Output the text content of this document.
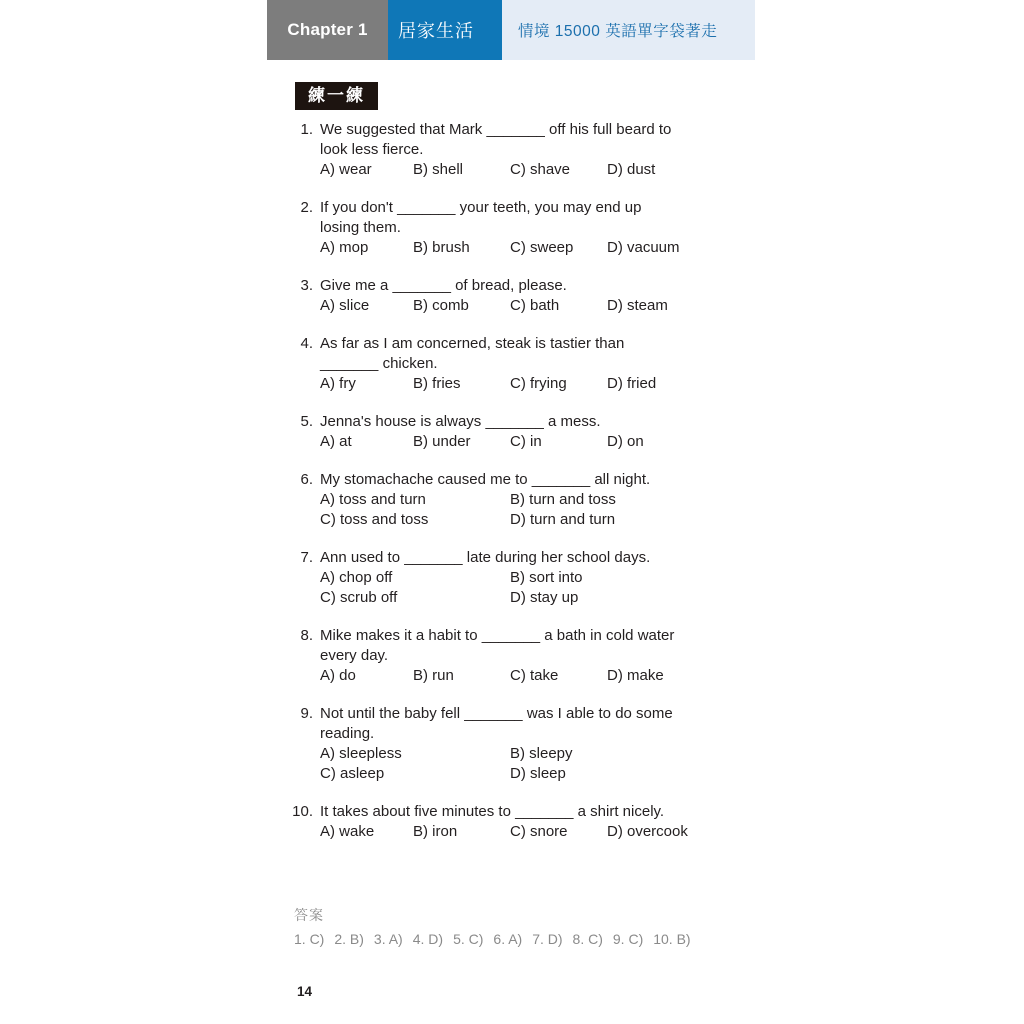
Chapter 1 居家生活	情境 15000 英語單字袋著走
練一練
1. We suggested that Mark _______ off his full beard to
look less fierce.
A) wear	B) shell	C) shave	D) dust
2. If you don't _______ your teeth, you may end up
losing them.
A) mop	B) brush	C) sweep	D) vacuum
3. Give me a _______ of bread, please.
A) slice	B) comb	C) bath	D) steam
4. As far as I am concerned, steak is tastier than
_______ chicken.
A) fry	B) fries	C) frying	D) fried
5. Jenna's house is always _______ a mess.
A) at	B) under	C) in	D) on
6. My stomachache caused me to _______ all night.
A) toss and turn	B) turn and toss
C) toss and toss	D) turn and turn
7. Ann used to _______ late during her school days.
A) chop off	B) sort into
C) scrub off	D) stay up
8. Mike makes it a habit to _______ a bath in cold water
every day.
A) do	B) run	C) take	D) make
9. Not until the baby fell _______ was I able to do some
reading.
A) sleepless	B) sleepy
C) asleep	D) sleep
10. It takes about five minutes to _______ a shirt nicely.
A) wake	B) iron	C) snore	D) overcook
答案
1. C) 2. B) 3. A) 4. D) 5. C) 6. A) 7. D) 8. C) 9. C) 10. B)
14
